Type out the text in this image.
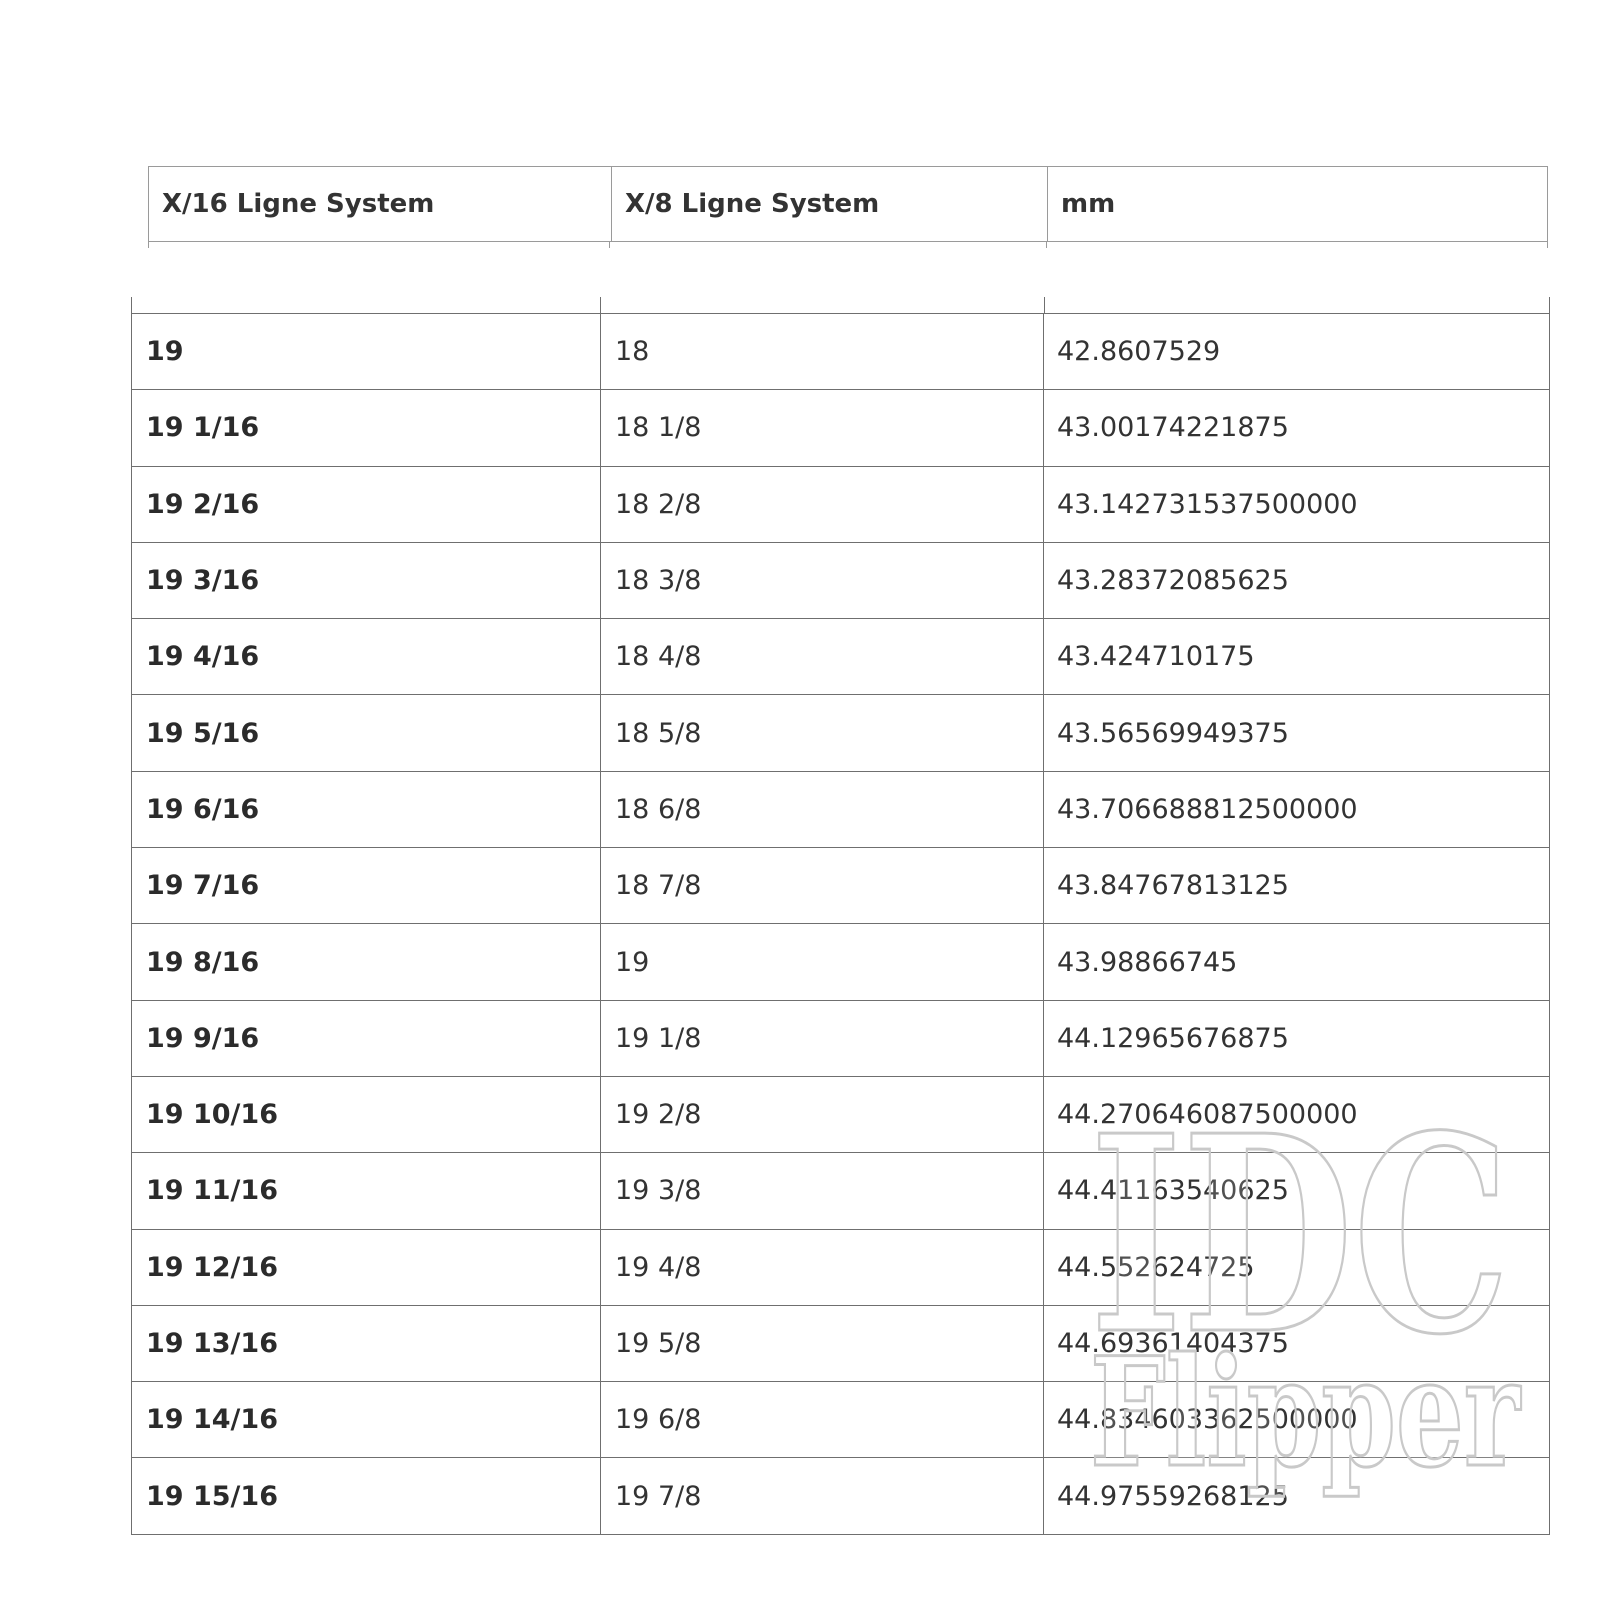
X/16 Ligne System	X/8 Ligne System	mm
19	18	42.8607529
19 1/16	18 1/8	43.00174221875
19 2/16	18 2/8	43.142731537500000
19 3/16	18 3/8	43.28372085625
19 4/16	18 4/8	43.424710175
19 5/16	18 5/8	43.56569949375
19 6/16	18 6/8	43.706688812500000
19 7/16	18 7/8	43.84767813125
19 8/16	19	43.98866745
19 9/16	19 1/8	44.12965676875
19 10/16	19 2/8	44.270646087500000
19 11/16	19 3/8	44.41163540625
19 12/16	19 4/8	44.552624725
19 13/16	19 5/8	44.69361404375
19 14/16	19 6/8	44.834603362500000
19 15/16	19 7/8	44.97559268125
IDC
Flipper
